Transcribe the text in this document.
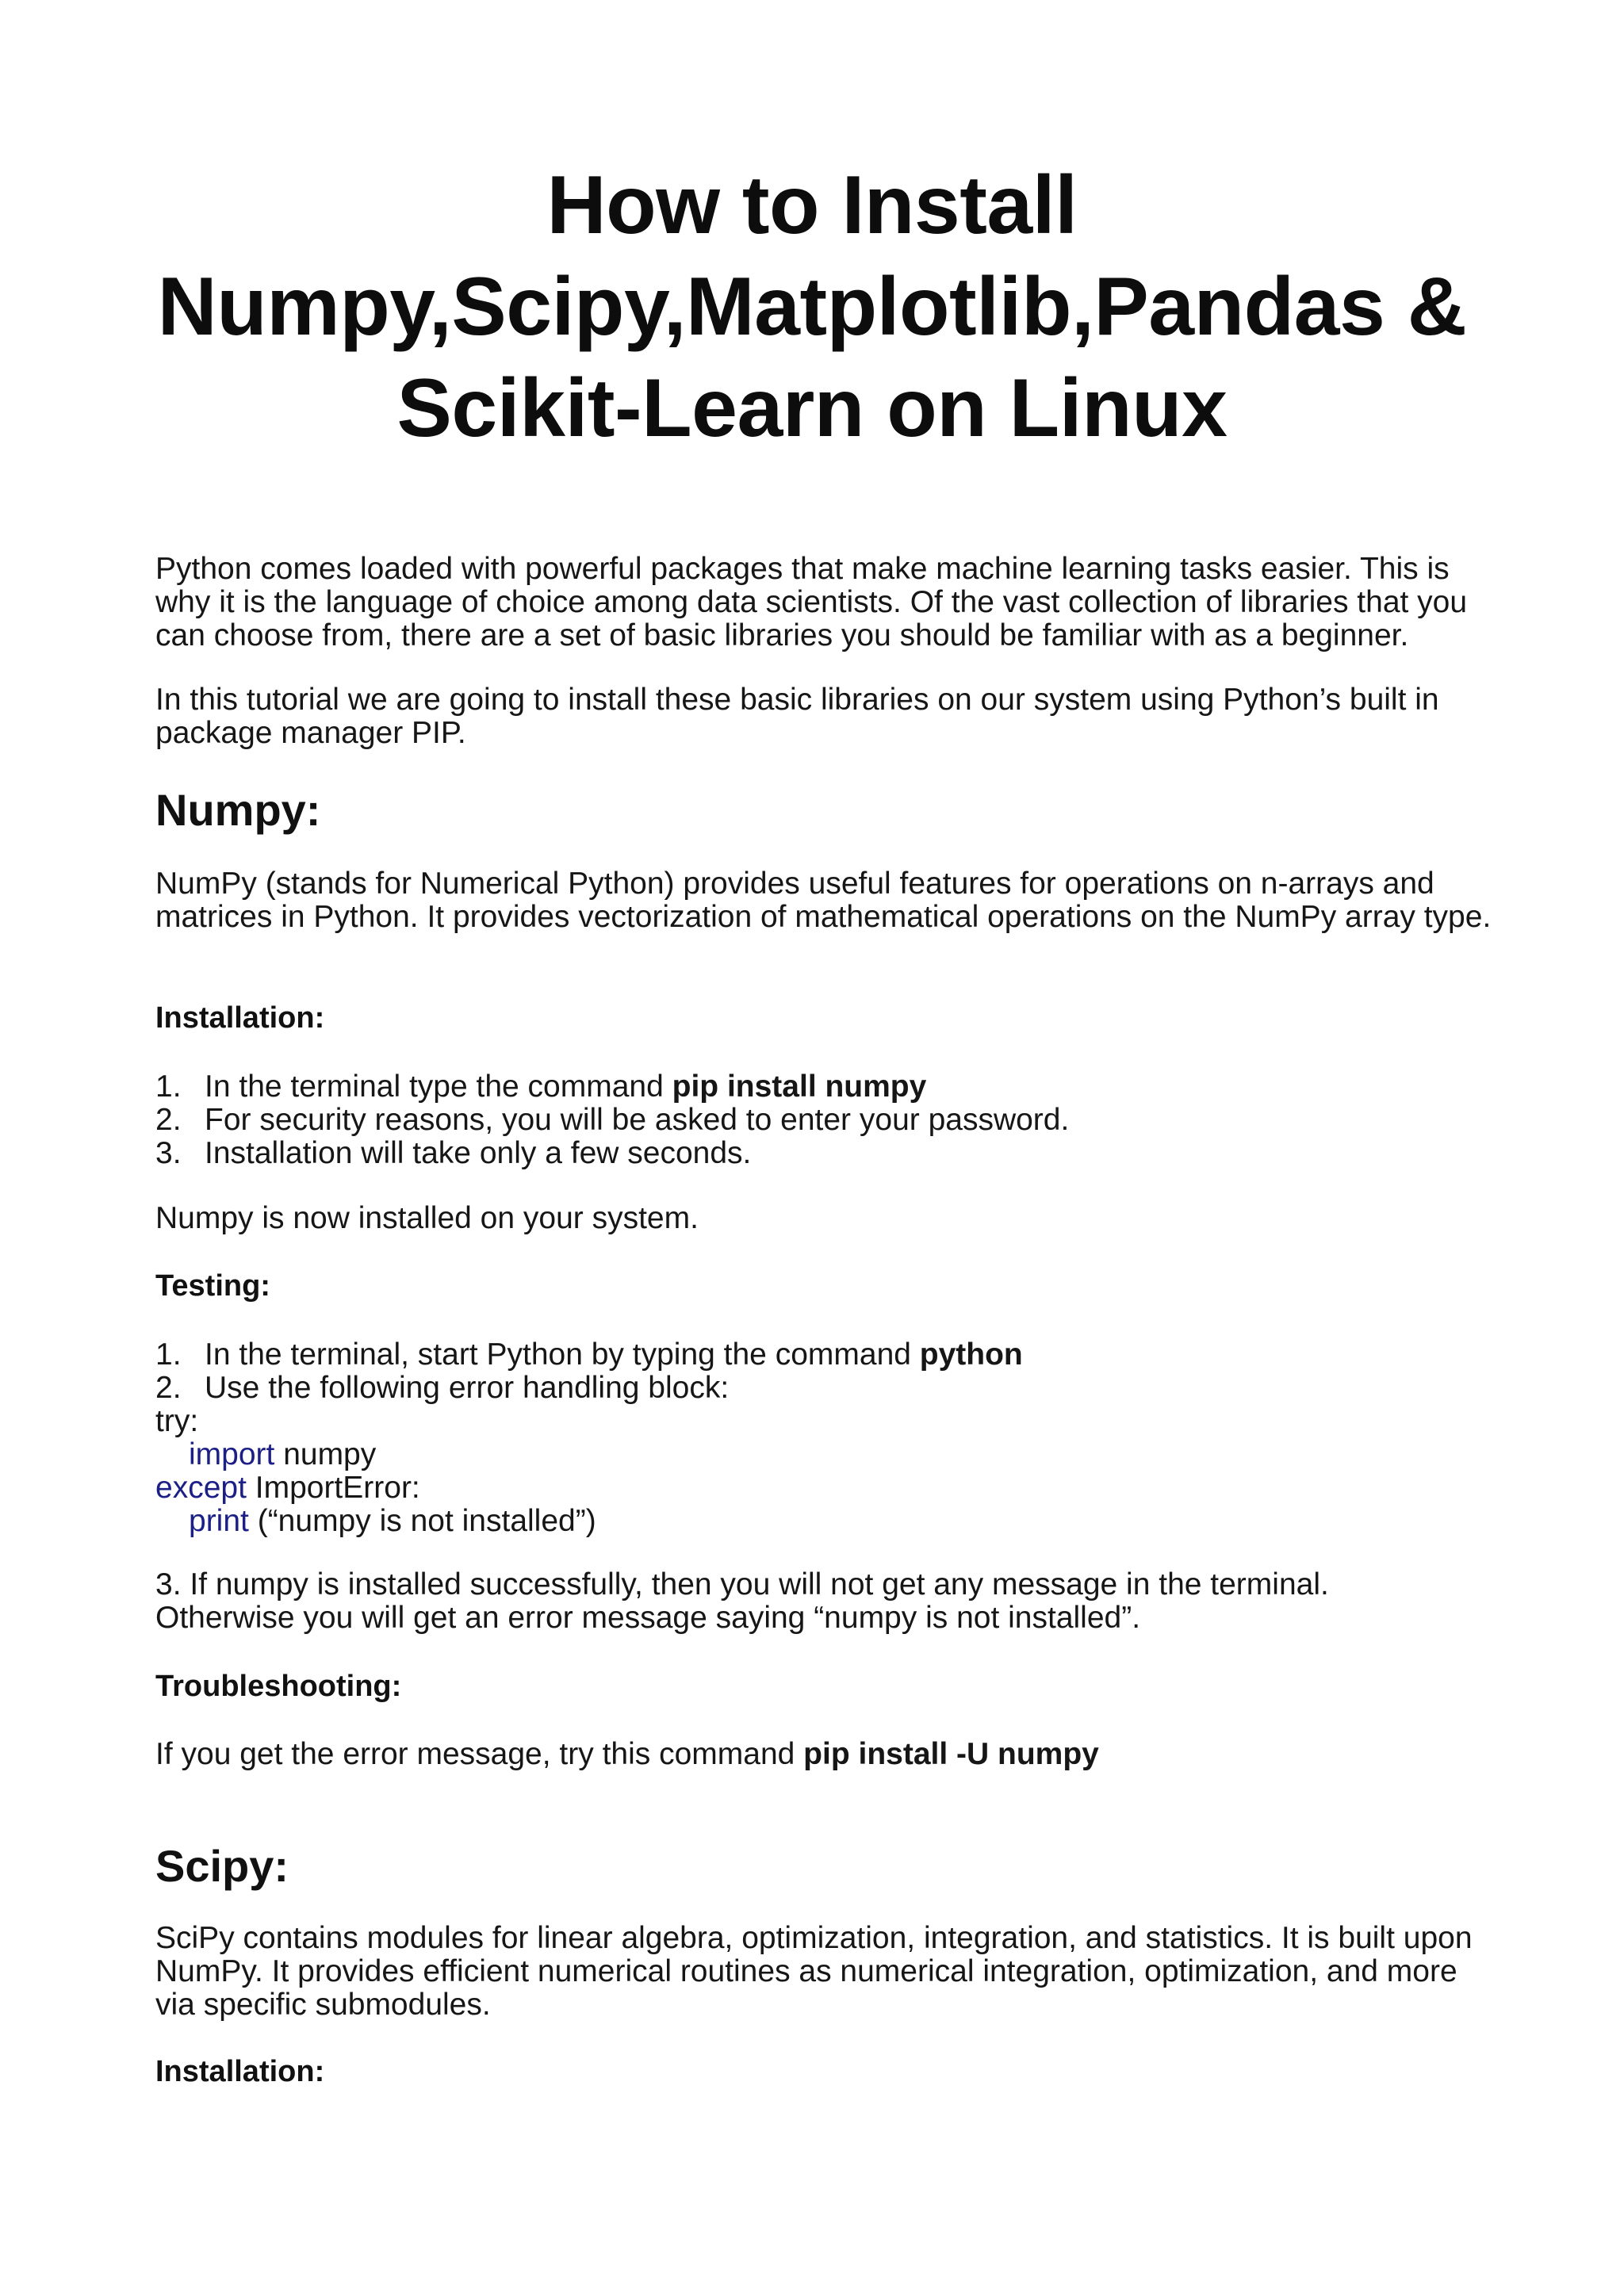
How to Install
Numpy,Scipy,Matplotlib,Pandas &
Scikit-Learn on Linux
Python comes loaded with powerful packages that make machine learning tasks easier. This is
why it is the language of choice among data scientists. Of the vast collection of libraries that you
can choose from, there are a set of basic libraries you should be familiar with as a beginner.
In this tutorial we are going to install these basic libraries on our system using Python’s built in
package manager PIP.
Numpy:
NumPy (stands for Numerical Python) provides useful features for operations on n-arrays and
matrices in Python. It provides vectorization of mathematical operations on the NumPy array type.
Installation:
1. In the terminal type the command pip install numpy
2. For security reasons, you will be asked to enter your password.
3. Installation will take only a few seconds.
Numpy is now installed on your system.
Testing:
1. In the terminal, start Python by typing the command python
2. Use the following error handling block:
try:
import numpy
except ImportError:
print (“numpy is not installed”)
3. If numpy is installed successfully, then you will not get any message in the terminal.
Otherwise you will get an error message saying “numpy is not installed”.
Troubleshooting:
If you get the error message, try this command pip install -U numpy
Scipy:
SciPy contains modules for linear algebra, optimization, integration, and statistics. It is built upon
NumPy. It provides efficient numerical routines as numerical integration, optimization, and more
via specific submodules.
Installation:
